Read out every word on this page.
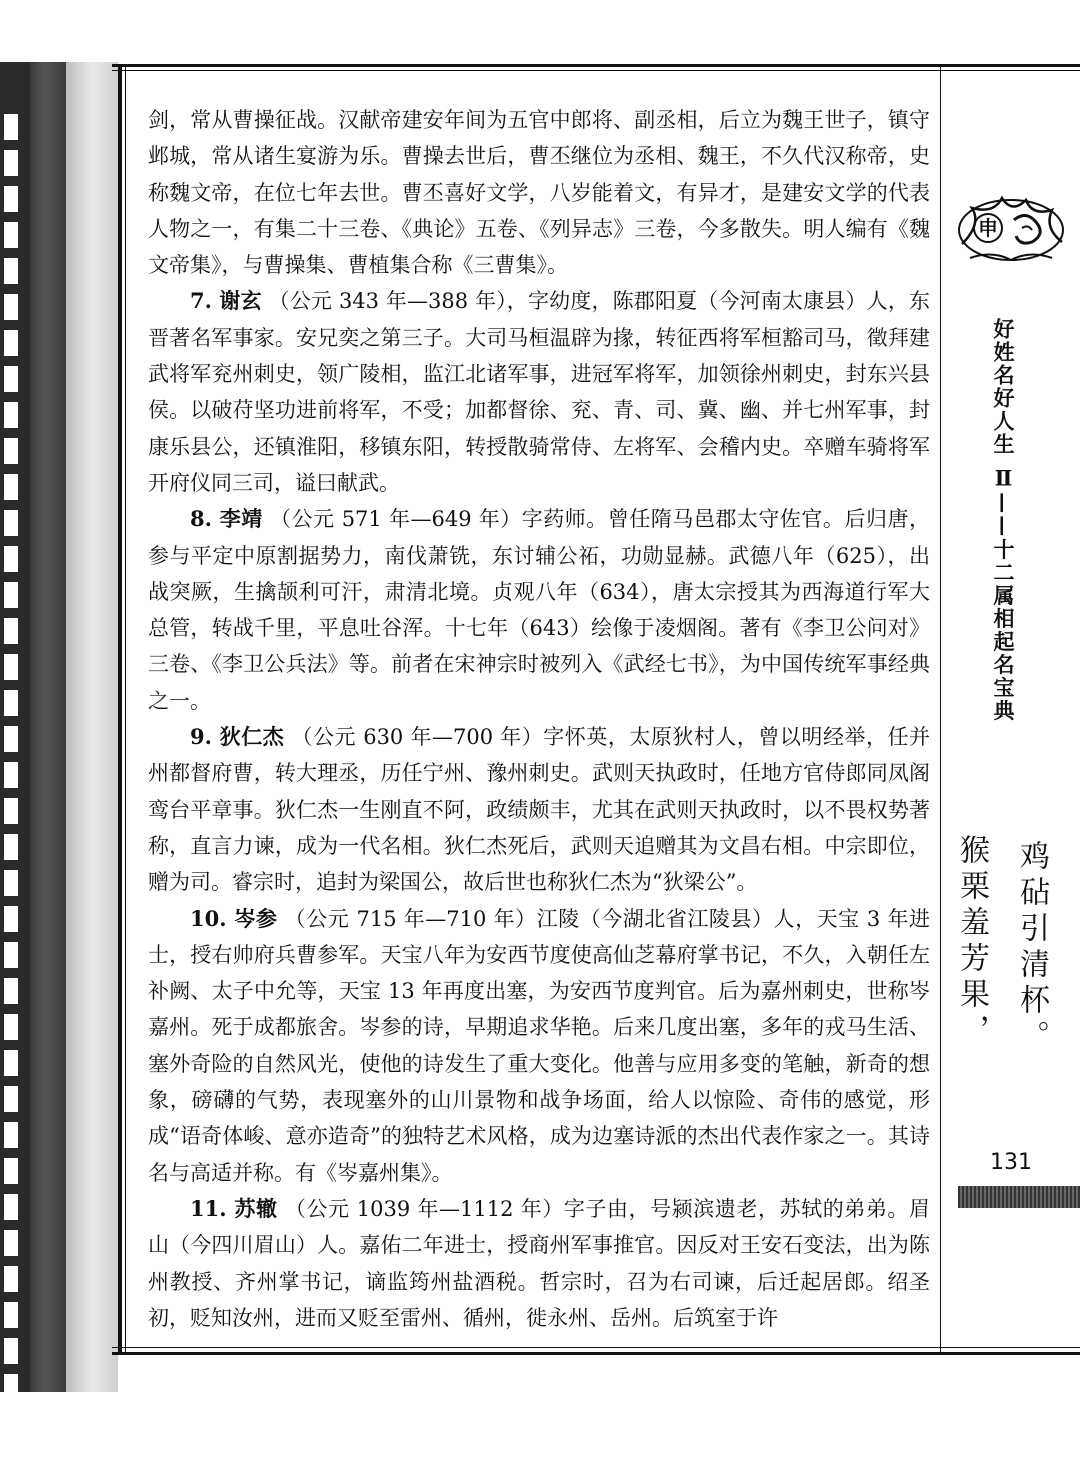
剑，常从曹操征战。汉献帝建安年间为五官中郎将、副丞相，后立为魏王世子，镇守邺城，常从诸生宴游为乐。曹操去世后，曹丕继位为丞相、魏王，不久代汉称帝，史称魏文帝，在位七年去世。曹丕喜好文学，八岁能着文，有异才，是建安文学的代表人物之一，有集二十三卷、《典论》五卷、《列异志》三卷，今多散失。明人编有《魏文帝集》，与曹操集、曹植集合称《三曹集》。

7. 谢玄 （公元 343 年—388 年），字幼度，陈郡阳夏（今河南太康县）人，东晋著名军事家。安兄奕之第三子。大司马桓温辟为掾，转征西将军桓豁司马，徵拜建武将军兖州刺史，领广陵相，监江北诸军事，进冠军将军，加领徐州刺史，封东兴县侯。以破苻坚功进前将军，不受；加都督徐、兖、青、司、冀、幽、并七州军事，封康乐县公，还镇淮阳，移镇东阳，转授散骑常侍、左将军、会稽内史。卒赠车骑将军开府仪同三司，谥曰献武。

8. 李靖 （公元 571 年—649 年）字药师。曾任隋马邑郡太守佐官。后归唐，参与平定中原割据势力，南伐萧铣，东讨辅公祏，功勋显赫。武德八年（625），出战突厥，生擒颉利可汗，肃清北境。贞观八年（634），唐太宗授其为西海道行军大总管，转战千里，平息吐谷浑。十七年（643）绘像于凌烟阁。著有《李卫公问对》三卷、《李卫公兵法》等。前者在宋神宗时被列入《武经七书》，为中国传统军事经典之一。

9. 狄仁杰 （公元 630 年—700 年）字怀英，太原狄村人，曾以明经举，任并州都督府曹，转大理丞，历任宁州、豫州刺史。武则天执政时，任地方官侍郎同凤阁鸾台平章事。狄仁杰一生刚直不阿，政绩颇丰，尤其在武则天执政时，以不畏权势著称，直言力谏，成为一代名相。狄仁杰死后，武则天追赠其为文昌右相。中宗即位，赠为司。睿宗时，追封为梁国公，故后世也称狄仁杰为“狄梁公”。

10. 岑参 （公元 715 年—710 年）江陵（今湖北省江陵县）人，天宝 3 年进士，授右帅府兵曹参军。天宝八年为安西节度使高仙芝幕府掌书记，不久，入朝任左补阙、太子中允等，天宝 13 年再度出塞，为安西节度判官。后为嘉州刺史，世称岑嘉州。死于成都旅舍。岑参的诗，早期追求华艳。后来几度出塞，多年的戎马生活、塞外奇险的自然风光，使他的诗发生了重大变化。他善与应用多变的笔触，新奇的想象，磅礴的气势，表现塞外的山川景物和战争场面，给人以惊险、奇伟的感觉，形成“语奇体峻、意亦造奇”的独特艺术风格，成为边塞诗派的杰出代表作家之一。其诗名与高适并称。有《岑嘉州集》。

11. 苏辙 （公元 1039 年—1112 年）字子由，号颍滨遗老，苏轼的弟弟。眉山（今四川眉山）人。嘉佑二年进士，授商州军事推官。因反对王安石变法，出为陈州教授、齐州掌书记，谪监筠州盐酒税。哲宗时，召为右司谏，后迁起居郎。绍圣初，贬知汝州，进而又贬至雷州、循州，徙永州、岳州。后筑室于许

申
好姓名好人生 Ⅱ——十二属相起名宝典
鸡砧引清杯。
猴栗羞芳果，
131
